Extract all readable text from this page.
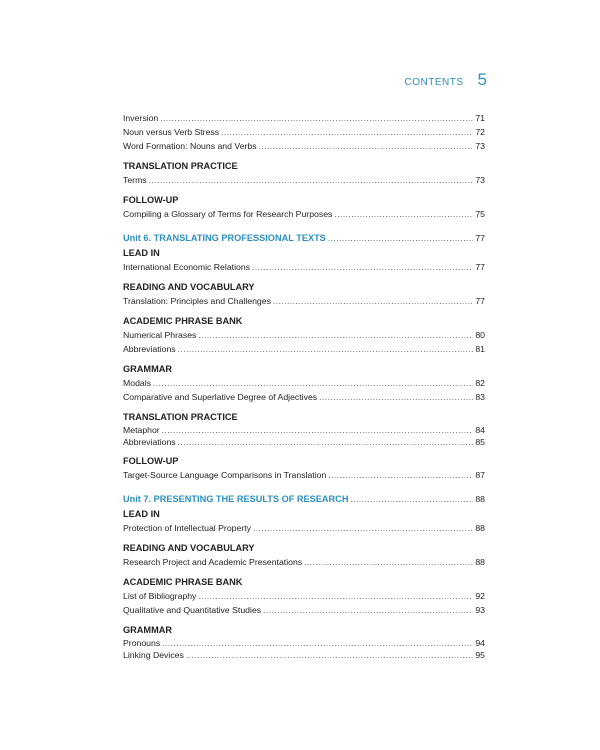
CONTENTS 5
Inversion .....	71
Noun versus Verb Stress .....	72
Word Formation: Nouns and Verbs .....	73
TRANSLATION PRACTICE
Terms .....	73
FOLLOW-UP
Compiling a Glossary of Terms for Research Purposes .....	75
Unit 6. TRANSLATING PROFESSIONAL TEXTS .....	77
LEAD IN
International Economic Relations .....	77
READING AND VOCABULARY
Translation: Principles and Challenges .....	77
ACADEMIC PHRASE BANK
Numerical Phrases .....	80
Abbreviations .....	81
GRAMMAR
Modals .....	82
Comparative and Superlative Degree of Adjectives .....	83
TRANSLATION PRACTICE
Metaphor .....	84
Abbreviations .....	85
FOLLOW-UP
Target-Source Language Comparisons in Translation .....	87
Unit 7. PRESENTING THE RESULTS OF RESEARCH .....	88
LEAD IN
Protection of Intellectual Property .....	88
READING AND VOCABULARY
Research Project and Academic Presentations .....	88
ACADEMIC PHRASE BANK
List of Bibliography .....	92
Qualitative and Quantitative Studies .....	93
GRAMMAR
Pronouns .....	94
Linking Devices .....	95
